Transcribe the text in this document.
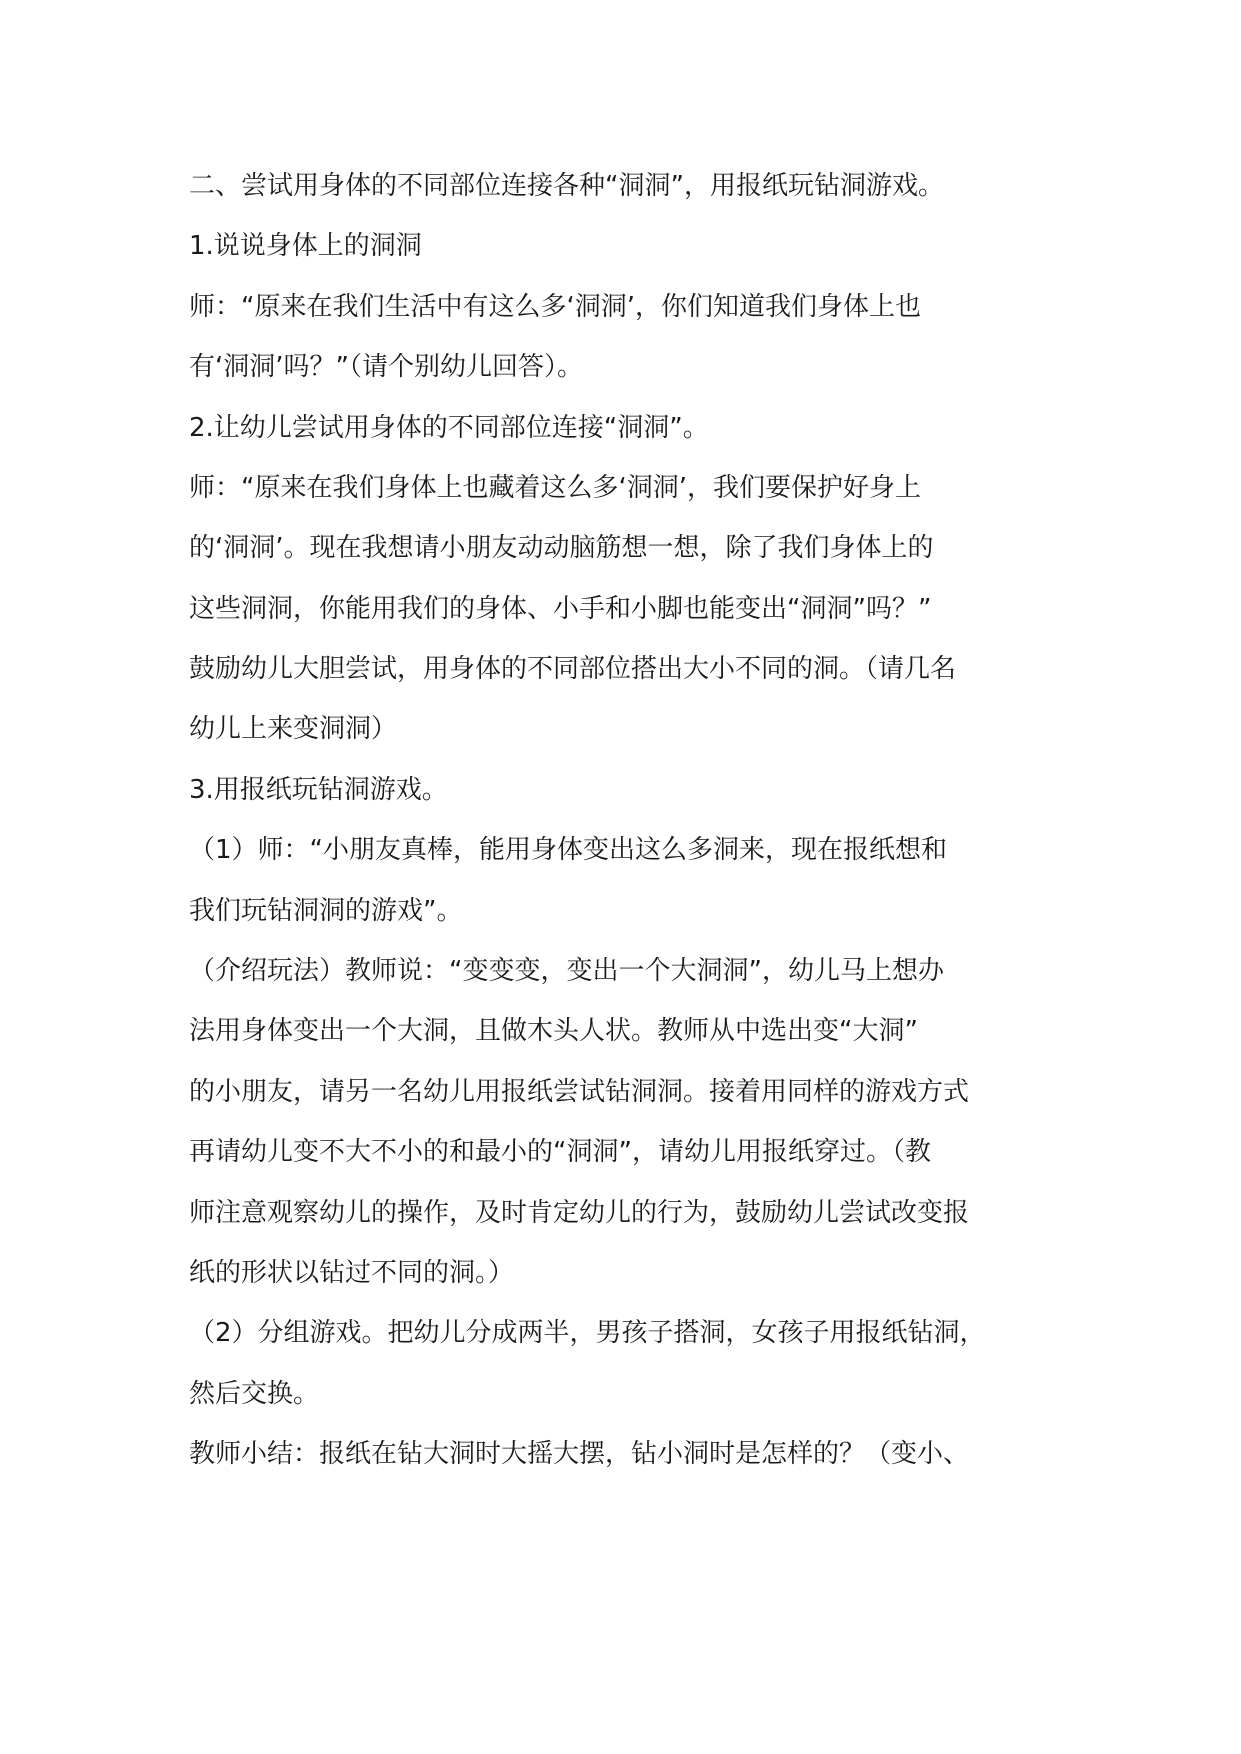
二、尝试用身体的不同部位连接各种“洞洞”，用报纸玩钻洞游戏。
1.说说身体上的洞洞
师：“原来在我们生活中有这么多‘洞洞’，你们知道我们身体上也
有‘洞洞’吗？”（请个别幼儿回答）。
2.让幼儿尝试用身体的不同部位连接“洞洞”。
师：“原来在我们身体上也藏着这么多‘洞洞’，我们要保护好身上
的‘洞洞’。现在我想请小朋友动动脑筋想一想，除了我们身体上的
这些洞洞，你能用我们的身体、小手和小脚也能变出“洞洞”吗？”
鼓励幼儿大胆尝试，用身体的不同部位搭出大小不同的洞。（请几名
幼儿上来变洞洞）
3.用报纸玩钻洞游戏。
（1）师：“小朋友真棒，能用身体变出这么多洞来，现在报纸想和
我们玩钻洞洞的游戏”。
（介绍玩法）教师说：“变变变，变出一个大洞洞”，幼儿马上想办
法用身体变出一个大洞，且做木头人状。教师从中选出变“大洞”
的小朋友，请另一名幼儿用报纸尝试钻洞洞。接着用同样的游戏方式
再请幼儿变不大不小的和最小的“洞洞”，请幼儿用报纸穿过。（教
师注意观察幼儿的操作，及时肯定幼儿的行为，鼓励幼儿尝试改变报
纸的形状以钻过不同的洞。）
（2）分组游戏。把幼儿分成两半，男孩子搭洞，女孩子用报纸钻洞，
然后交换。
教师小结：报纸在钻大洞时大摇大摆，钻小洞时是怎样的？（变小、
